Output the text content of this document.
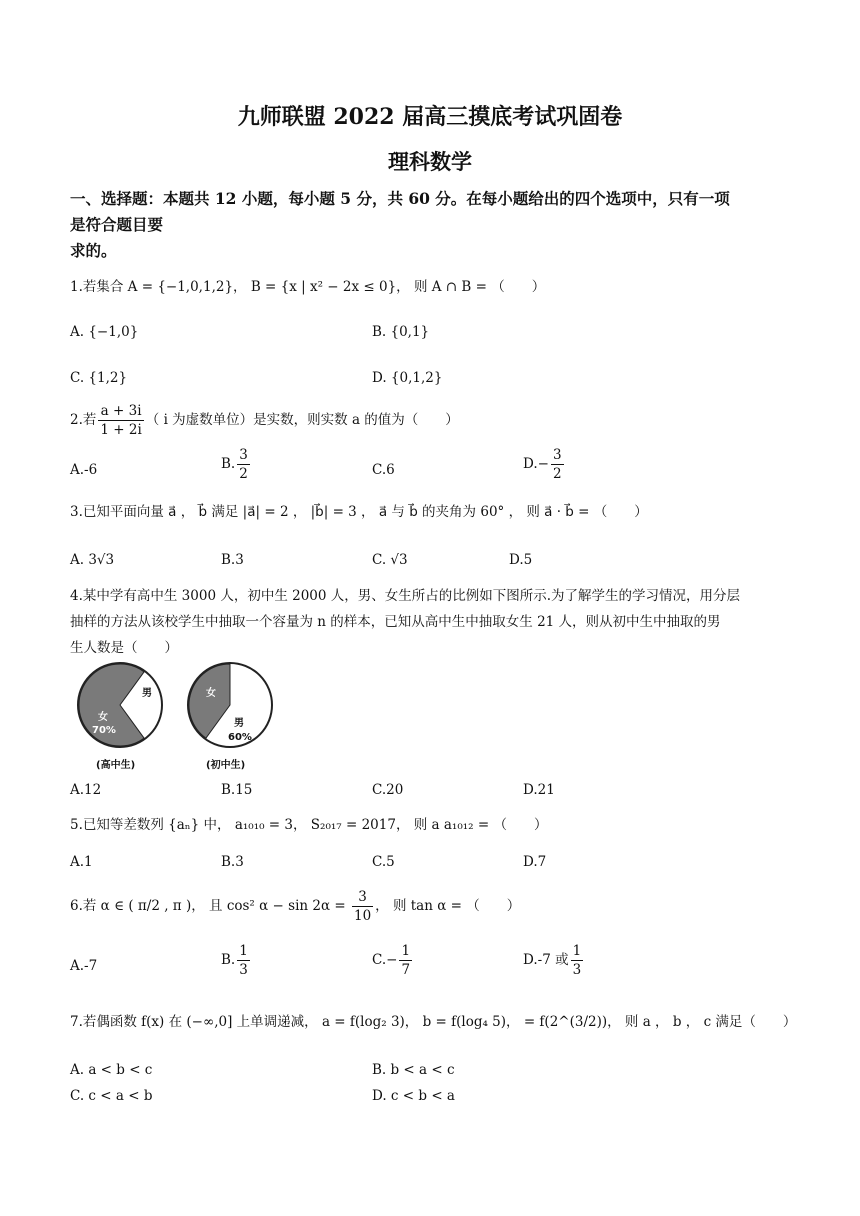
九师联盟 2022 届高三摸底考试巩固卷
理科数学
一、选择题：本题共 12 小题，每小题 5 分，共 60 分。在每小题给出的四个选项中，只有一项
是符合题目要
求的。
1.若集合 A = {−1,0,1,2}， B = {x | x² − 2x ≤ 0}， 则 A ∩ B = （　　）
A. {−1,0}	B. {0,1}
C. {1,2}	D. {0,1,2}
2.若 $\frac{a + 3i}{1 + 2i}$ （ i 为虚数单位）是实数，则实数 a 的值为（　　）
A.-6	B. $\frac{3}{2}$	C.6	$D.- \frac{3}{2}$
3.已知平面向量 a⃗ ， b⃗ 满足 |a⃗| = 2 ， |b⃗| = 3 ， a⃗ 与 b⃗ 的夹角为 60° ， 则 a⃗ · b⃗ = （　　）
A. 3√3	B.3	C. √3	D.5
4.某中学有高中生 3000 人，初中生 2000 人，男、女生所占的比例如下图所示.为了解学生的学习情况，用分层
抽样的方法从该校学生中抽取一个容量为 n 的样本，已知从高中生中抽取女生 21 人，则从初中生中抽取的男
生人数是（　　）
女
70%
男
(高中生)
女
男
60%
(初中生)
A.12	B.15	C.20	D.21
5.已知等差数列 {aₙ} 中， a₁₀₁₀ = 3， S₂₀₁₇ = 2017， 则 a a₁₀₁₂ = （　　）
A.1	B.3	C.5	D.7
6.若 α ∈ ( π/2 , π )， 且 cos² $\alpha - \sin 2\alpha = \frac{3}{10}$ ， 则 tan α = （　　）
A.-7	B. $\frac{1}{3}$	$C.- \frac{1}{7}$	D.-7 或 $\frac{1}{3}$
7.若偶函数 f(x) 在 (−∞,0] 上单调递减， a = f(log₂ 3)， b = f(log₄ 5)， = f(2^(3/2))， 则 a ， b ， c 满足（　　）
A. a < b < c	B. b < a < c
C. c < a < b	D. c < b < a
